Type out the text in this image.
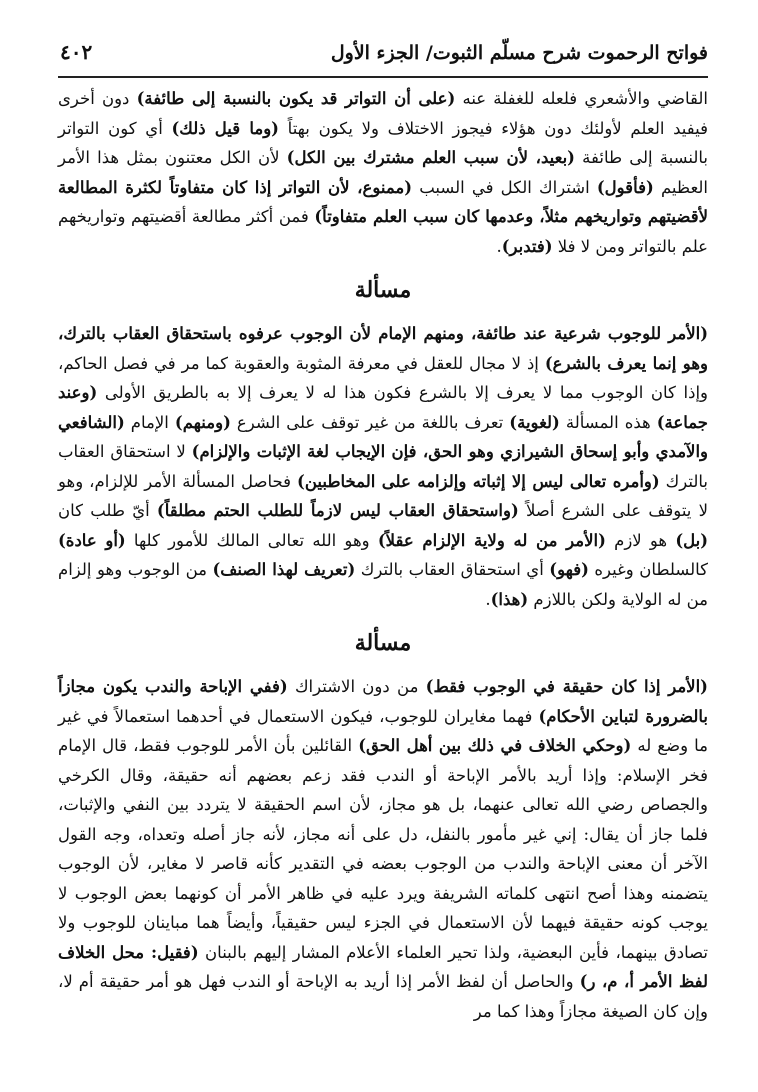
فواتح الرحموت شرح مسلّم الثبوت/ الجزء الأول
٤٠٢

القاضي والأشعري فلعله للغفلة عنه (على أن التواتر قد يكون بالنسبة إلى طائفة) دون أخرى فيفيد العلم لأولئك دون هؤلاء فيجوز الاختلاف ولا يكون بهتاً (وما قيل ذلك) أي كون التواتر بالنسبة إلى طائفة (بعيد، لأن سبب العلم مشترك بين الكل) لأن الكل معتنون بمثل هذا الأمر العظيم (فأقول) اشتراك الكل في السبب (ممنوع، لأن التواتر إذا كان متفاوتاً لكثرة المطالعة لأقضيتهم وتواريخهم مثلاً، وعدمها كان سبب العلم متفاوتاً) فمن أكثر مطالعة أقضيتهم وتواريخهم علم بالتواتر ومن لا فلا (فتدبر).

مسألة

(الأمر للوجوب شرعية عند طائفة، ومنهم الإمام لأن الوجوب عرفوه باستحقاق العقاب بالترك، وهو إنما يعرف بالشرع) إذ لا مجال للعقل في معرفة المثوبة والعقوبة كما مر في فصل الحاكم، وإذا كان الوجوب مما لا يعرف إلا بالشرع فكون هذا له لا يعرف إلا به بالطريق الأولى (وعند جماعة) هذه المسألة (لغوية) تعرف باللغة من غير توقف على الشرع (ومنهم) الإمام (الشافعي والآمدي وأبو إسحاق الشيرازي وهو الحق، فإن الإيجاب لغة الإثبات والإلزام) لا استحقاق العقاب بالترك (وأمره تعالى ليس إلا إثباته وإلزامه على المخاطبين) فحاصل المسألة الأمر للإلزام، وهو لا يتوقف على الشرع أصلاً (واستحقاق العقاب ليس لازماً للطلب الحتم مطلقاً) أيّ طلب كان (بل) هو لازم (الأمر من له ولاية الإلزام عقلاً) وهو الله تعالى المالك للأمور كلها (أو عادة) كالسلطان وغيره (فهو) أي استحقاق العقاب بالترك (تعريف لهذا الصنف) من الوجوب وهو إلزام من له الولاية ولكن باللازم (هذا).

مسألة

(الأمر إذا كان حقيقة في الوجوب فقط) من دون الاشتراك (ففي الإباحة والندب يكون مجازاً بالضرورة لتباين الأحكام) فهما مغايران للوجوب، فيكون الاستعمال في أحدهما استعمالاً في غير ما وضع له (وحكي الخلاف في ذلك بين أهل الحق) القائلين بأن الأمر للوجوب فقط، قال الإمام فخر الإسلام: وإذا أريد بالأمر الإباحة أو الندب فقد زعم بعضهم أنه حقيقة، وقال الكرخي والجصاص رضي الله تعالى عنهما، بل هو مجاز، لأن اسم الحقيقة لا يتردد بين النفي والإثبات، فلما جاز أن يقال: إني غير مأمور بالنفل، دل على أنه مجاز، لأنه جاز أصله وتعداه، وجه القول الآخر أن معنى الإباحة والندب من الوجوب بعضه في التقدير كأنه قاصر لا مغاير، لأن الوجوب يتضمنه وهذا أصح انتهى كلماته الشريفة ويرد عليه في ظاهر الأمر أن كونهما بعض الوجوب لا يوجب كونه حقيقة فيهما لأن الاستعمال في الجزء ليس حقيقياً، وأيضاً هما مباينان للوجوب ولا تصادق بينهما، فأين البعضية، ولذا تحير العلماء الأعلام المشار إليهم بالبنان (فقيل: محل الخلاف لفظ الأمر أ، م، ر) والحاصل أن لفظ الأمر إذا أريد به الإباحة أو الندب فهل هو أمر حقيقة أم لا، وإن كان الصيغة مجازاً وهذا كما مر
